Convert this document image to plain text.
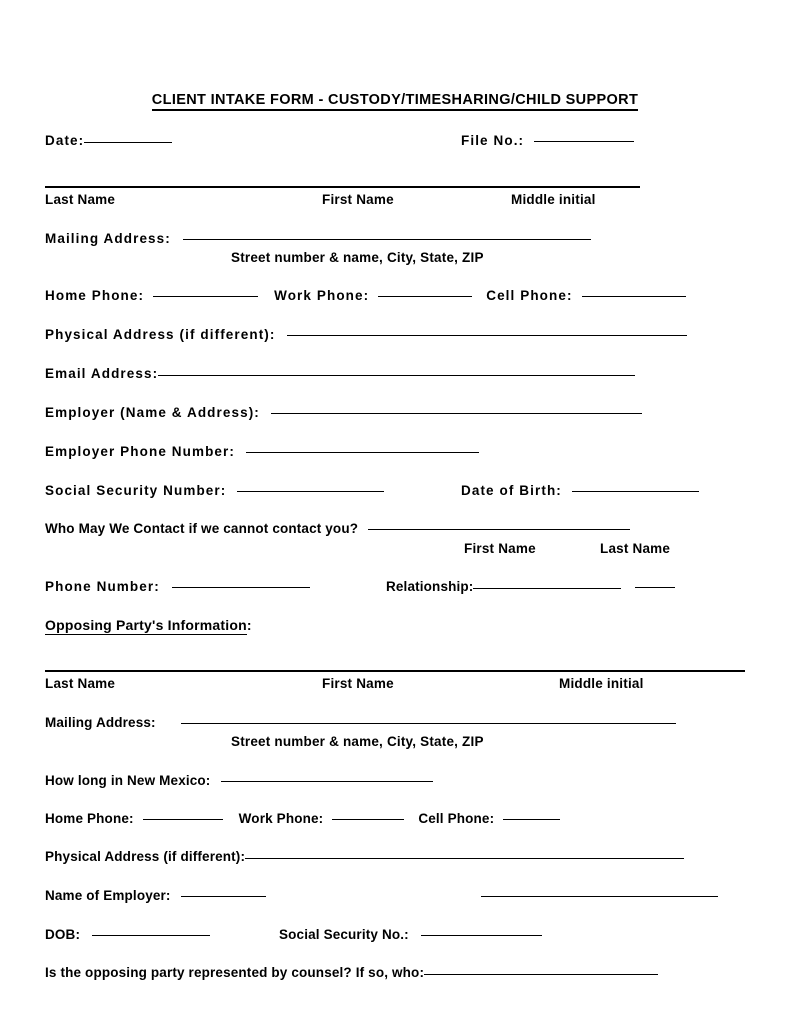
CLIENT INTAKE FORM - CUSTODY/TIMESHARING/CHILD SUPPORT
Date:	File No.:
Last Name	First Name	Middle initial
Mailing Address:
Street number & name, City, State, ZIP
Home Phone:	Work Phone:	Cell Phone:
Physical Address (if different):
Email Address:
Employer (Name & Address):
Employer Phone Number:
Social Security Number:	Date of Birth:
Who May We Contact if we cannot contact you?
First Name	Last Name
Phone Number:	Relationship:
Opposing Party's Information:
Last Name	First Name	Middle initial
Mailing Address:
Street number & name, City, State, ZIP
How long in New Mexico:
Home Phone:	Work Phone:	Cell Phone:
Physical Address (if different):
Name of Employer:
DOB:	Social Security No.:
Is the opposing party represented by counsel? If so, who:
